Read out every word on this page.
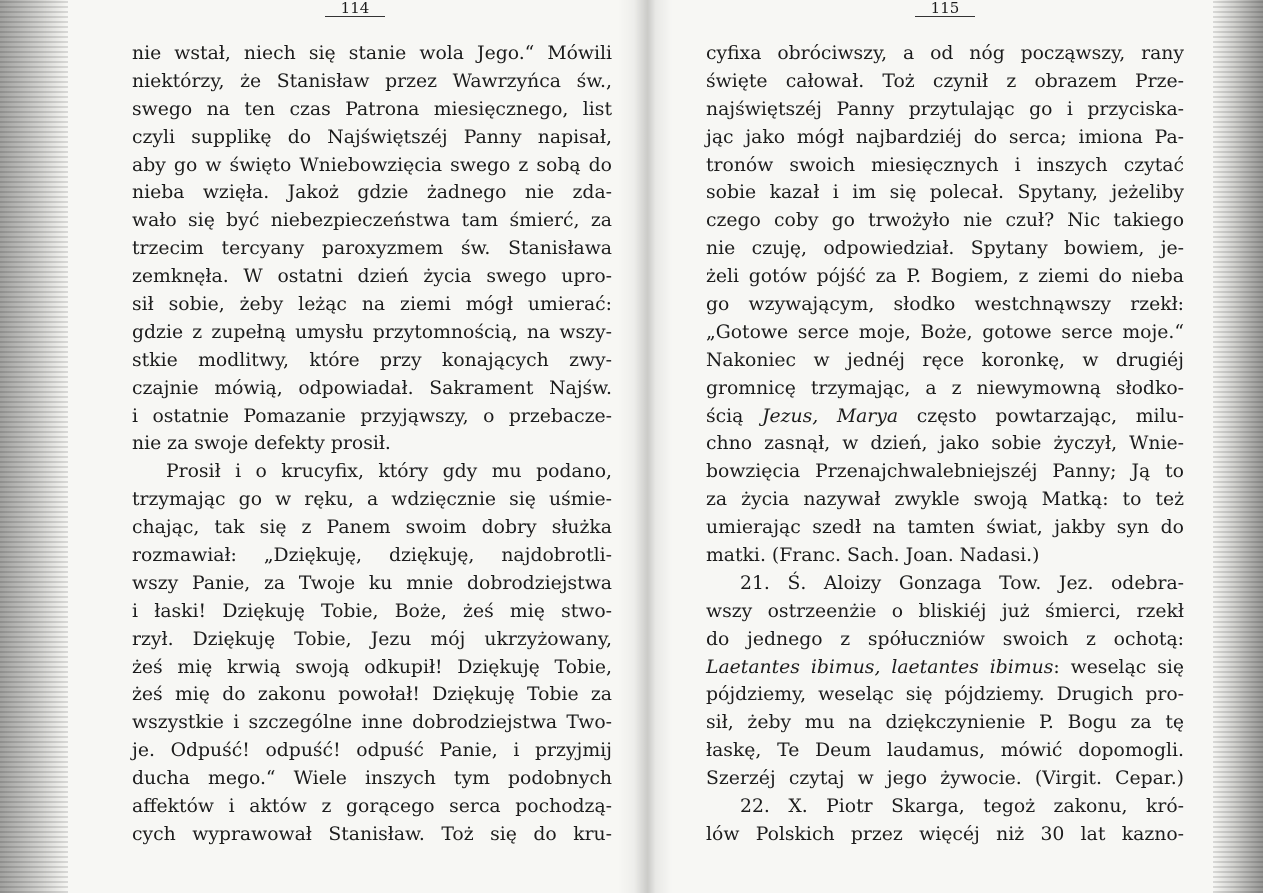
114
nie wstał, niech się stanie wola Jego.“ Mówili
niektórzy, że Stanisław przez Wawrzyńca św.,
swego na ten czas Patrona miesięcznego, list
czyli supplikę do Najświętszéj Panny napisał,
aby go w święto Wniebowzięcia swego z sobą do
nieba wzięła. Jakoż gdzie żadnego nie zda-
wało się być niebezpieczeństwa tam śmierć, za
trzecim tercyany paroxyzmem św. Stanisława
zemknęła. W ostatni dzień życia swego upro-
sił sobie, żeby leżąc na ziemi mógł umierać:
gdzie z zupełną umysłu przytomnością, na wszy-
stkie modlitwy, które przy konających zwy-
czajnie mówią, odpowiadał. Sakrament Najśw.
i ostatnie Pomazanie przyjąwszy, o przebacze-
nie za swoje defekty prosił.
Prosił i o krucyfix, który gdy mu podano,
trzymając go w ręku, a wdzięcznie się uśmie-
chając, tak się z Panem swoim dobry służka
rozmawiał: „Dziękuję, dziękuję, najdobrotli-
wszy Panie, za Twoje ku mnie dobrodziejstwa
i łaski! Dziękuję Tobie, Boże, żeś mię stwo-
rzył. Dziękuję Tobie, Jezu mój ukrzyżowany,
żeś mię krwią swoją odkupił! Dziękuję Tobie,
żeś mię do zakonu powołał! Dziękuję Tobie za
wszystkie i szczególne inne dobrodziejstwa Two-
je. Odpuść! odpuść! odpuść Panie, i przyjmij
ducha mego.“ Wiele inszych tym podobnych
affektów i aktów z gorącego serca pochodzą-
cych wyprawował Stanisław. Toż się do kru-
115
cyfixa obróciwszy, a od nóg począwszy, rany
święte całował. Toż czynił z obrazem Prze-
najświętszéj Panny przytulając go i przyciska-
jąc jako mógł najbardziéj do serca; imiona Pa-
tronów swoich miesięcznych i inszych czytać
sobie kazał i im się polecał. Spytany, jeżeliby
czego coby go trwożyło nie czuł? Nic takiego
nie czuję, odpowiedział. Spytany bowiem, je-
żeli gotów pójść za P. Bogiem, z ziemi do nieba
go wzywającym, słodko westchnąwszy rzekł:
„Gotowe serce moje, Boże, gotowe serce moje.“
Nakoniec w jednéj ręce koronkę, w drugiéj
gromnicę trzymając, a z niewymowną słodko-
ścią Jezus, Marya często powtarzając, milu-
chno zasnął, w dzień, jako sobie życzył, Wnie-
bowzięcia Przenajchwalebniejszéj Panny; Ją to
za życia nazywał zwykle swoją Matką: to też
umierając szedł na tamten świat, jakby syn do
matki. (Franc. Sach. Joan. Nadasi.)
21. Ś. Aloizy Gonzaga Tow. Jez. odebra-
wszy ostrzeenżie o bliskiéj już śmierci, rzekł
do jednego z spółuczniów swoich z ochotą:
Laetantes ibimus, laetantes ibimus: weseląc się
pójdziemy, weseląc się pójdziemy. Drugich pro-
sił, żeby mu na dziękczynienie P. Bogu za tę
łaskę, Te Deum laudamus, mówić dopomogli.
Szerzéj czytaj w jego żywocie. (Virgit. Cepar.)
22. X. Piotr Skarga, tegoż zakonu, kró-
lów Polskich przez więcéj niż 30 lat kazno-
